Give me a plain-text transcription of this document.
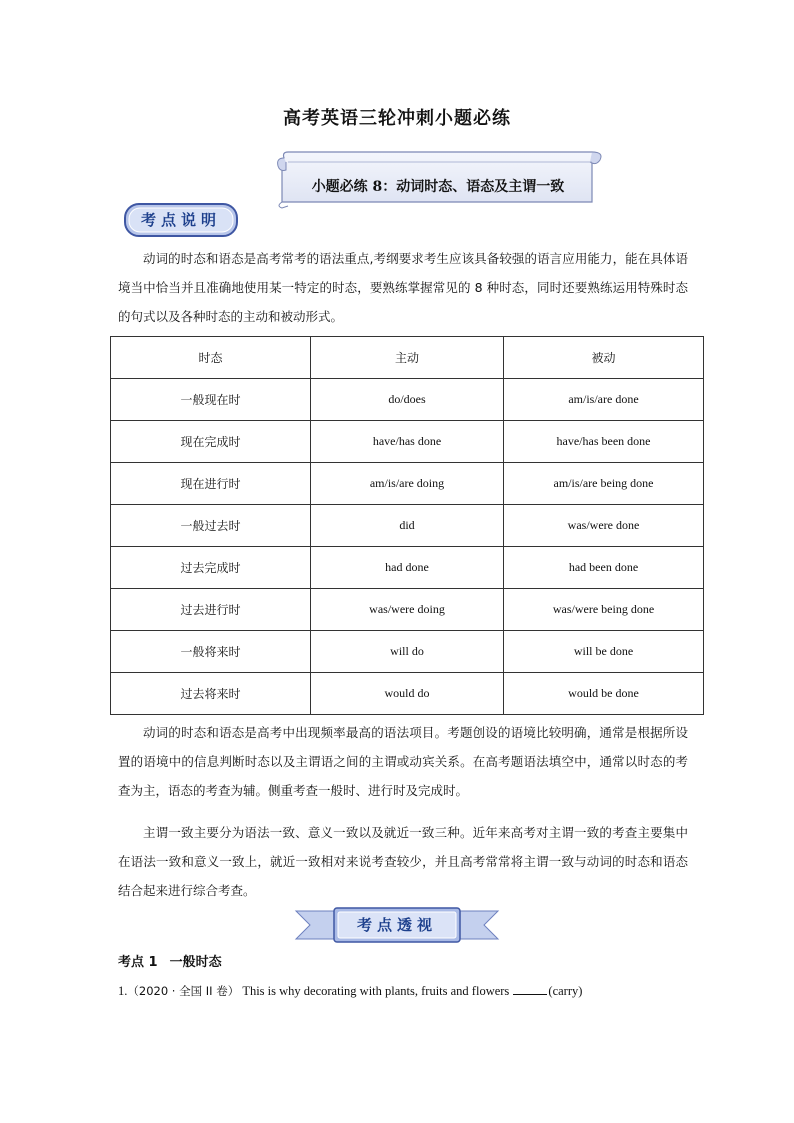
高考英语三轮冲刺小题必练
小题必练 8：动词时态、语态及主谓一致
考点说明
动词的时态和语态是高考常考的语法重点,考纲要求考生应该具备较强的语言应用能力，能在具体语境当中恰当并且准确地使用某一特定的时态，要熟练掌握常见的 8 种时态，同时还要熟练运用特殊时态的句式以及各种时态的主动和被动形式。
时态	主动	被动
一般现在时	do/does	am/is/are done
现在完成时	have/has done	have/has been done
现在进行时	am/is/are doing	am/is/are being done
一般过去时	did	was/were done
过去完成时	had done	had been done
过去进行时	was/were doing	was/were being done
一般将来时	will do	will be done
过去将来时	would do	would be done
动词的时态和语态是高考中出现频率最高的语法项目。考题创设的语境比较明确，通常是根据所设置的语境中的信息判断时态以及主谓语之间的主谓或动宾关系。在高考题语法填空中，通常以时态的考查为主，语态的考查为辅。侧重考查一般时、进行时及完成时。
主谓一致主要分为语法一致、意义一致以及就近一致三种。近年来高考对主谓一致的考查主要集中在语法一致和意义一致上，就近一致相对来说考查较少，并且高考常常将主谓一致与动词的时态和语态结合起来进行综合考查。
考点透视
考点 1 一般时态
1.（2020 · 全国 II 卷） This is why decorating with plants, fruits and flowers	(carry)
